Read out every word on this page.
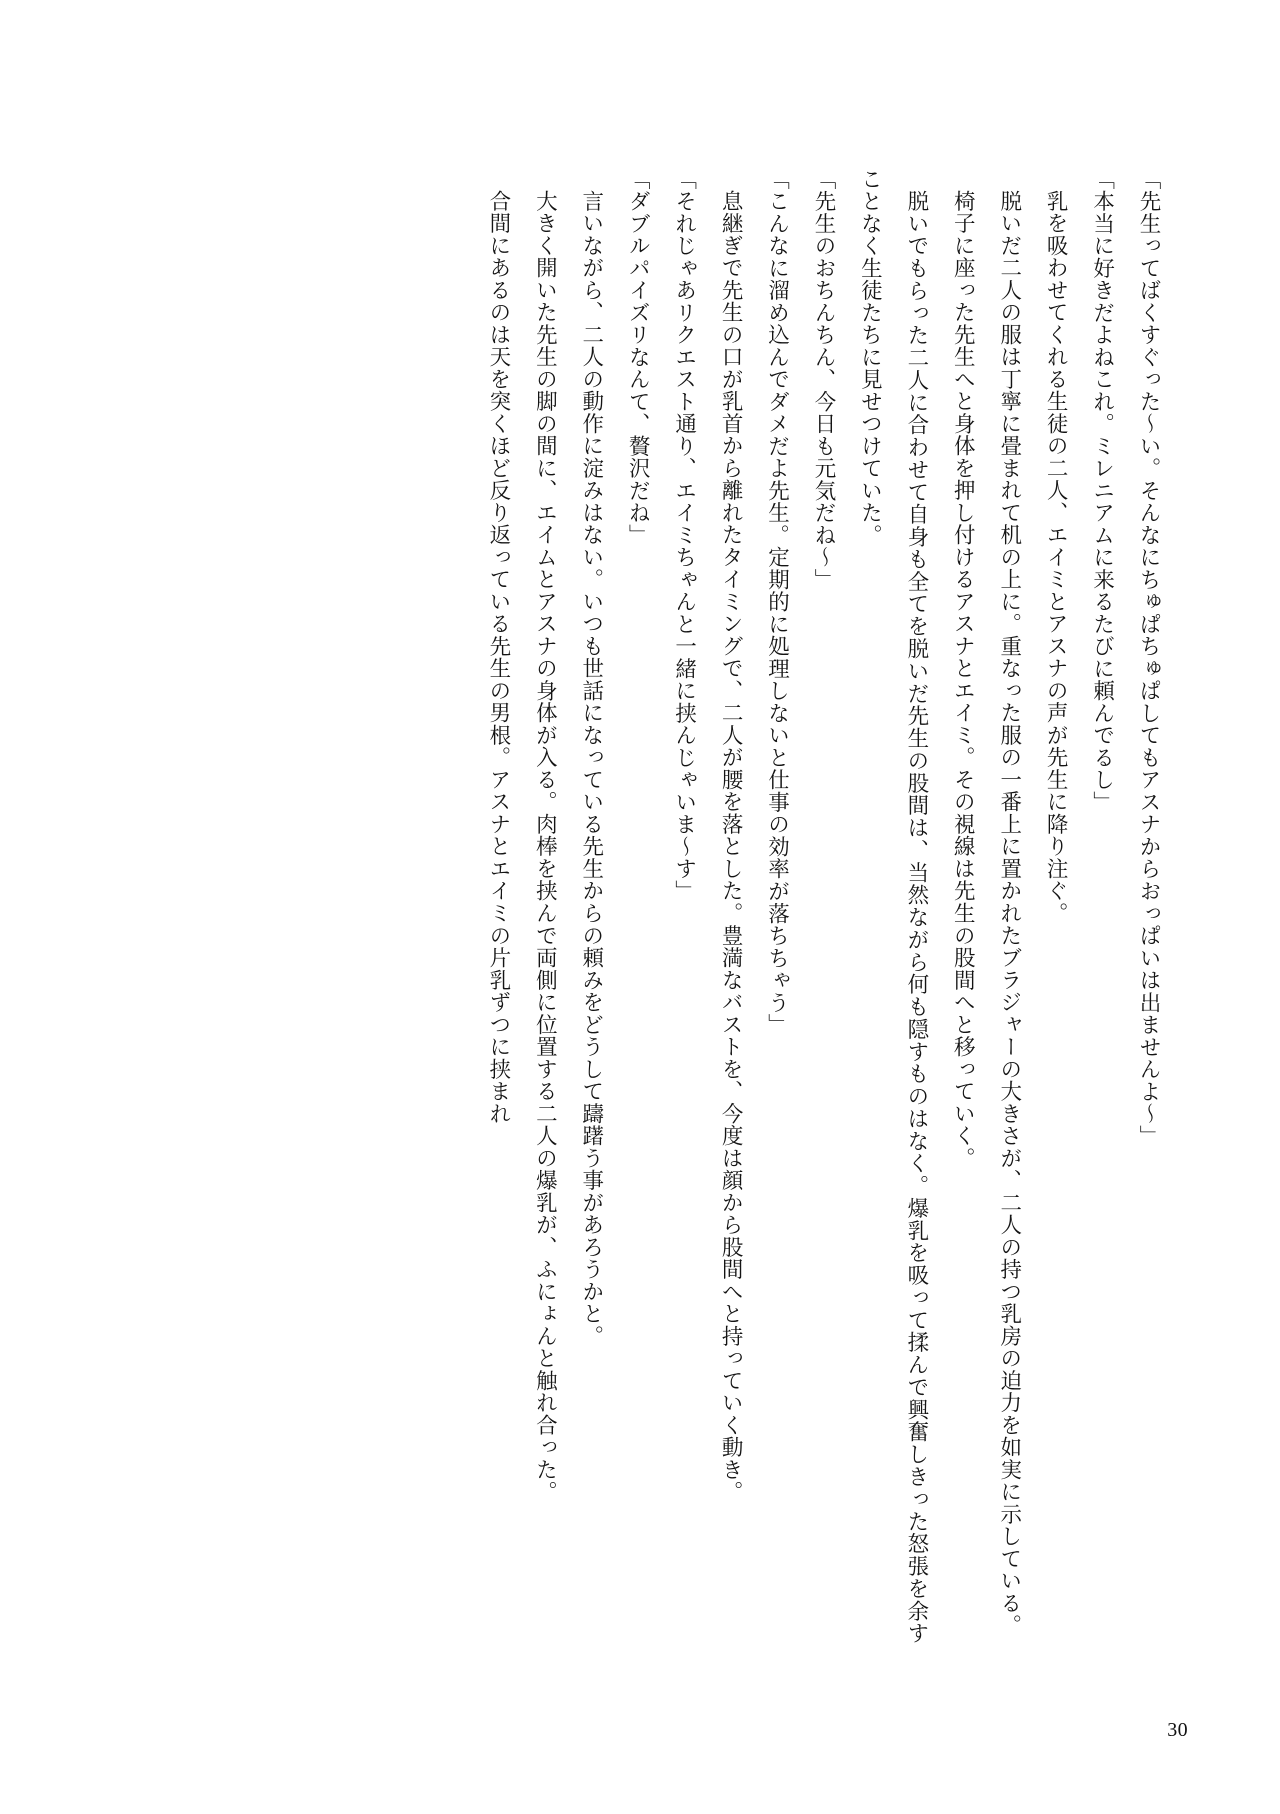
「先生ってばくすぐった〜い。そんなにちゅぱちゅぱしてもアスナからおっぱいは出ませんよ〜」

「本当に好きだよねこれ。ミレニアムに来るたびに頼んでるし」

乳を吸わせてくれる生徒の二人、エイミとアスナの声が先生に降り注ぐ。

脱いだ二人の服は丁寧に畳まれて机の上に。重なった服の一番上に置かれたブラジャーの大きさが、二人の持つ乳房の迫力を如実に示している。

椅子に座った先生へと身体を押し付けるアスナとエイミ。その視線は先生の股間へと移っていく。

脱いでもらった二人に合わせて自身も全てを脱いだ先生の股間は、当然ながら何も隠すものはなく。爆乳を吸って揉んで興奮しきった怒張を余すことなく生徒たちに見せつけていた。

「先生のおちんちん、今日も元気だね〜」

「こんなに溜め込んでダメだよ先生。定期的に処理しないと仕事の効率が落ちちゃう」

息継ぎで先生の口が乳首から離れたタイミングで、二人が腰を落とした。豊満なバストを、今度は顔から股間へと持っていく動き。

「それじゃあリクエスト通り、エイミちゃんと一緒に挟んじゃいま〜す」

「ダブルパイズリなんて、贅沢だね」

言いながら、二人の動作に淀みはない。いつも世話になっている先生からの頼みをどうして躊躇う事があろうかと。

大きく開いた先生の脚の間に、エイムとアスナの身体が入る。肉棒を挟んで両側に位置する二人の爆乳が、ふにょんと触れ合った。

合間にあるのは天を突くほど反り返っている先生の男根。アスナとエイミの片乳ずつに挟まれ

30
